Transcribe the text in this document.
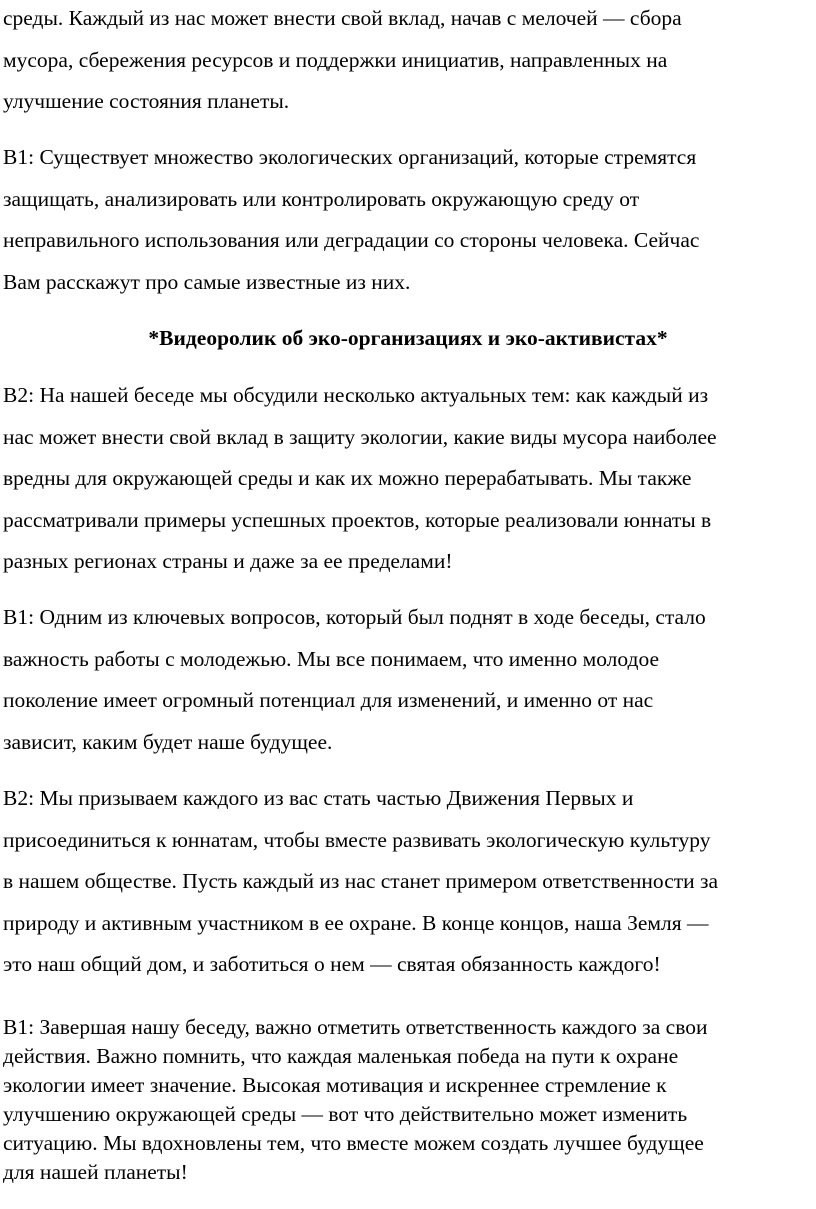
среды. Каждый из нас может внести свой вклад, начав с мелочей — сбора
мусора, сбережения ресурсов и поддержки инициатив, направленных на
улучшение состояния планеты.

В1: Существует множество экологических организаций, которые стремятся
защищать, анализировать или контролировать окружающую среду от
неправильного использования или деградации со стороны человека. Сейчас
Вам расскажут про самые известные из них.

*Видеоролик об эко-организациях и эко-активистах*

В2: На нашей беседе мы обсудили несколько актуальных тем: как каждый из
нас может внести свой вклад в защиту экологии, какие виды мусора наиболее
вредны для окружающей среды и как их можно перерабатывать. Мы также
рассматривали примеры успешных проектов, которые реализовали юннаты в
разных регионах страны и даже за ее пределами!

В1: Одним из ключевых вопросов, который был поднят в ходе беседы, стало
важность работы с молодежью. Мы все понимаем, что именно молодое
поколение имеет огромный потенциал для изменений, и именно от нас
зависит, каким будет наше будущее.

В2: Мы призываем каждого из вас стать частью Движения Первых и
присоединиться к юннатам, чтобы вместе развивать экологическую культуру
в нашем обществе. Пусть каждый из нас станет примером ответственности за
природу и активным участником в ее охране. В конце концов, наша Земля —
это наш общий дом, и заботиться о нем — святая обязанность каждого!

В1: Завершая нашу беседу, важно отметить ответственность каждого за свои
действия. Важно помнить, что каждая маленькая победа на пути к охране
экологии имеет значение. Высокая мотивация и искреннее стремление к
улучшению окружающей среды — вот что действительно может изменить
ситуацию. Мы вдохновлены тем, что вместе можем создать лучшее будущее
для нашей планеты!
